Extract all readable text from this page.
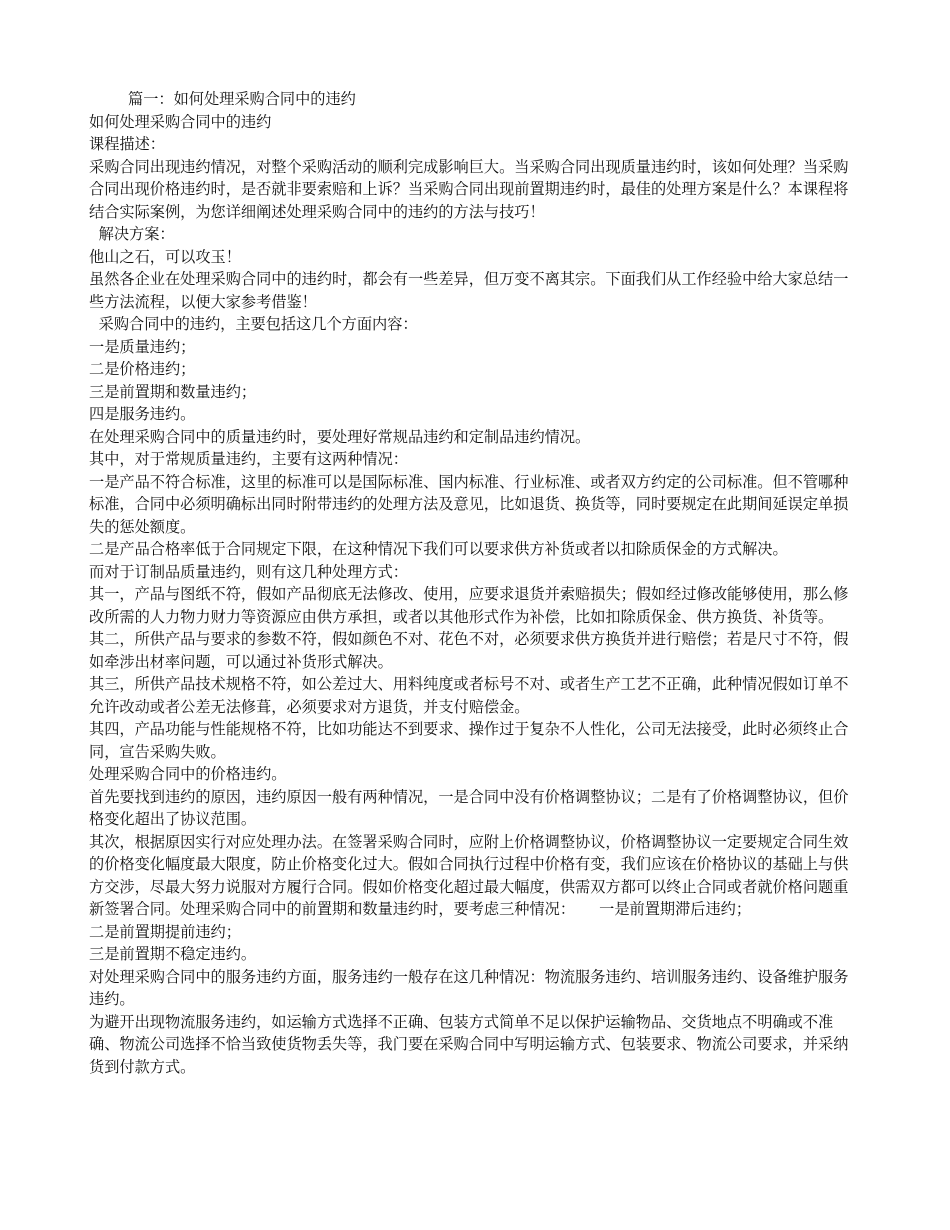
篇一：如何处理采购合同中的违约

如何处理采购合同中的违约

课程描述：

采购合同出现违约情况，对整个采购活动的顺利完成影响巨大。当采购合同出现质量违约时，该如何处理？当采购合同出现价格违约时，是否就非要索赔和上诉？当采购合同出现前置期违约时，最佳的处理方案是什么？本课程将结合实际案例，为您详细阐述处理采购合同中的违约的方法与技巧！

解决方案：

他山之石，可以攻玉！

虽然各企业在处理采购合同中的违约时，都会有一些差异，但万变不离其宗。下面我们从工作经验中给大家总结一些方法流程，以便大家参考借鉴！

采购合同中的违约，主要包括这几个方面内容：

一是质量违约；

二是价格违约；

三是前置期和数量违约；

四是服务违约。

在处理采购合同中的质量违约时，要处理好常规品违约和定制品违约情况。

其中，对于常规质量违约，主要有这两种情况：

一是产品不符合标准，这里的标准可以是国际标准、国内标准、行业标准、或者双方约定的公司标准。但不管哪种标准，合同中必须明确标出同时附带违约的处理方法及意见，比如退货、换货等，同时要规定在此期间延误定单损失的惩处额度。

二是产品合格率低于合同规定下限，在这种情况下我们可以要求供方补货或者以扣除质保金的方式解决。

而对于订制品质量违约，则有这几种处理方式：

其一，产品与图纸不符，假如产品彻底无法修改、使用，应要求退货并索赔损失；假如经过修改能够使用，那么修改所需的人力物力财力等资源应由供方承担，或者以其他形式作为补偿，比如扣除质保金、供方换货、补货等。

其二，所供产品与要求的参数不符，假如颜色不对、花色不对，必须要求供方换货并进行赔偿；若是尺寸不符，假如牵涉出材率问题，可以通过补货形式解决。

其三，所供产品技术规格不符，如公差过大、用料纯度或者标号不对、或者生产工艺不正确，此种情况假如订单不允许改动或者公差无法修葺，必须要求对方退货，并支付赔偿金。

其四，产品功能与性能规格不符，比如功能达不到要求、操作过于复杂不人性化，公司无法接受，此时必须终止合同，宣告采购失败。

处理采购合同中的价格违约。

首先要找到违约的原因，违约原因一般有两种情况，一是合同中没有价格调整协议；二是有了价格调整协议，但价格变化超出了协议范围。

其次，根据原因实行对应处理办法。在签署采购合同时，应附上价格调整协议，价格调整协议一定要规定合同生效的价格变化幅度最大限度，防止价格变化过大。假如合同执行过程中价格有变，我们应该在价格协议的基础上与供方交涉，尽最大努力说服对方履行合同。假如价格变化超过最大幅度，供需双方都可以终止合同或者就价格问题重新签署合同。处理采购合同中的前置期和数量违约时，要考虑三种情况：     一是前置期滞后违约；

二是前置期提前违约；

三是前置期不稳定违约。

对处理采购合同中的服务违约方面，服务违约一般存在这几种情况：物流服务违约、培训服务违约、设备维护服务违约。

为避开出现物流服务违约，如运输方式选择不正确、包装方式简单不足以保护运输物品、交货地点不明确或不准确、物流公司选择不恰当致使货物丢失等，我门要在采购合同中写明运输方式、包装要求、物流公司要求，并采纳货到付款方式。
